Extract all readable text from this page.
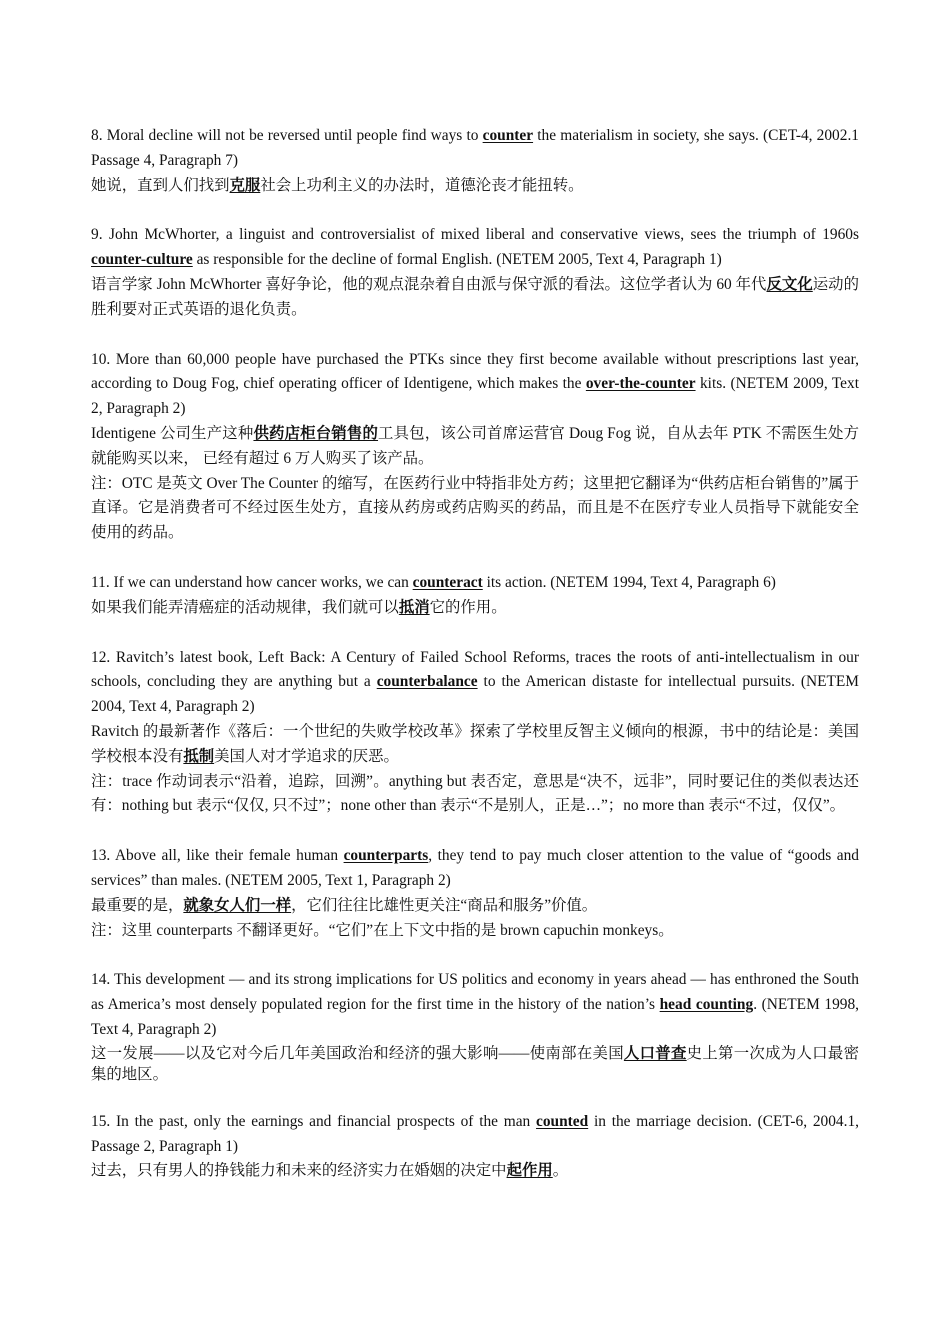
8. Moral decline will not be reversed until people find ways to counter the materialism in society, she says. (CET-4, 2002.1 Passage 4, Paragraph 7)

她说，直到人们找到克服社会上功利主义的办法时，道德沦丧才能扭转。

9. John McWhorter, a linguist and controversialist of mixed liberal and conservative views, sees the triumph of 1960s counter-culture as responsible for the decline of formal English. (NETEM 2005, Text 4, Paragraph 1)

语言学家 John McWhorter 喜好争论，他的观点混杂着自由派与保守派的看法。这位学者认为 60 年代反文化运动的胜利要对正式英语的退化负责。

10. More than 60,000 people have purchased the PTKs since they first become available without prescriptions last year, according to Doug Fog, chief operating officer of Identigene, which makes the over-the-counter kits. (NETEM 2009, Text 2, Paragraph 2)

Identigene 公司生产这种供药店柜台销售的工具包，该公司首席运营官 Doug Fog 说，自从去年 PTK 不需医生处方就能购买以来， 已经有超过 6 万人购买了该产品。

注：OTC 是英文 Over The Counter 的缩写，在医药行业中特指非处方药；这里把它翻译为“供药店柜台销售的”属于直译。它是消费者可不经过医生处方，直接从药房或药店购买的药品，而且是不在医疗专业人员指导下就能安全使用的药品。

11. If we can understand how cancer works, we can counteract its action. (NETEM 1994, Text 4, Paragraph 6)

如果我们能弄清癌症的活动规律，我们就可以抵消它的作用。

12. Ravitch’s latest book, Left Back: A Century of Failed School Reforms, traces the roots of anti-intellectualism in our schools, concluding they are anything but a counterbalance to the American distaste for intellectual pursuits. (NETEM 2004, Text 4, Paragraph 2)

Ravitch 的最新著作《落后：一个世纪的失败学校改革》探索了学校里反智主义倾向的根源，书中的结论是：美国学校根本没有抵制美国人对才学追求的厌恶。

注：trace 作动词表示“沿着，追踪，回溯”。anything but 表否定，意思是“决不，远非”，同时要记住的类似表达还有：nothing but 表示“仅仅, 只不过”；none other than 表示“不是别人，正是…”；no more than 表示“不过，仅仅”。

13. Above all, like their female human counterparts, they tend to pay much closer attention to the value of “goods and services” than males. (NETEM 2005, Text 1, Paragraph 2)

最重要的是，就象女人们一样，它们往往比雄性更关注“商品和服务”价值。

注：这里 counterparts 不翻译更好。“它们”在上下文中指的是 brown capuchin monkeys。

14. This development — and its strong implications for US politics and economy in years ahead — has enthroned the South as America’s most densely populated region for the first time in the history of the nation’s head counting. (NETEM 1998, Text 4, Paragraph 2)

这一发展——以及它对今后几年美国政治和经济的强大影响——使南部在美国人口普查史上第一次成为人口最密集的地区。

15. In the past, only the earnings and financial prospects of the man counted in the marriage decision. (CET-6, 2004.1, Passage 2, Paragraph 1)

过去，只有男人的挣钱能力和未来的经济实力在婚姻的决定中起作用。
